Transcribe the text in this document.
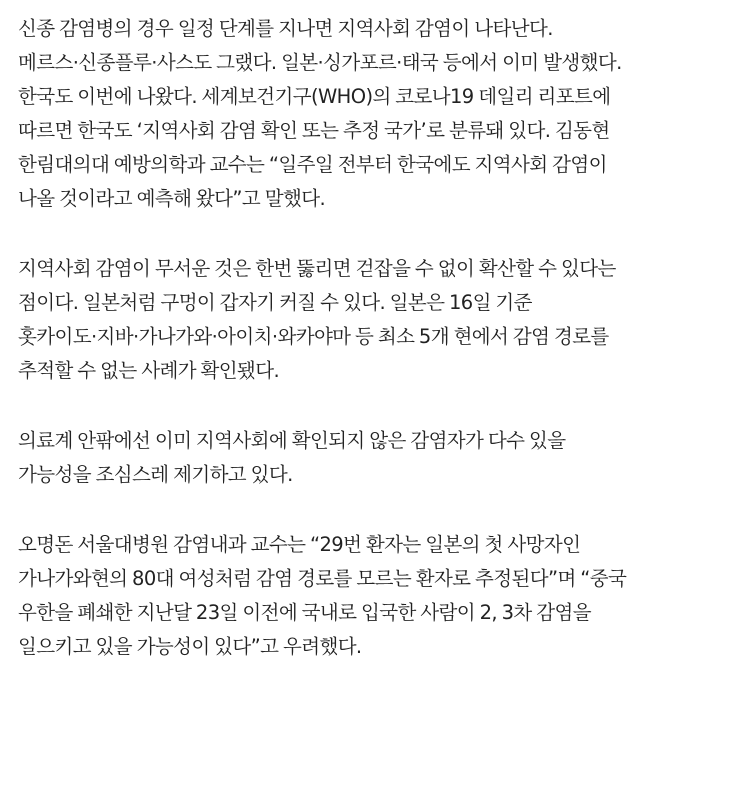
신종 감염병의 경우 일정 단계를 지나면 지역사회 감염이 나타난다.
메르스·신종플루·사스도 그랬다. 일본·싱가포르·태국 등에서 이미 발생했다.
한국도 이번에 나왔다. 세계보건기구(WHO)의 코로나19 데일리 리포트에
따르면 한국도 ‘지역사회 감염 확인 또는 추정 국가’로 분류돼 있다. 김동현
한림대의대 예방의학과 교수는 “일주일 전부터 한국에도 지역사회 감염이
나올 것이라고 예측해 왔다”고 말했다.
지역사회 감염이 무서운 것은 한번 뚫리면 걷잡을 수 없이 확산할 수 있다는
점이다. 일본처럼 구멍이 갑자기 커질 수 있다. 일본은 16일 기준
홋카이도·지바·가나가와·아이치·와카야마 등 최소 5개 현에서 감염 경로를
추적할 수 없는 사례가 확인됐다.
의료계 안팎에선 이미 지역사회에 확인되지 않은 감염자가 다수 있을
가능성을 조심스레 제기하고 있다.
오명돈 서울대병원 감염내과 교수는 “29번 환자는 일본의 첫 사망자인
가나가와현의 80대 여성처럼 감염 경로를 모르는 환자로 추정된다”며 “중국
우한을 폐쇄한 지난달 23일 이전에 국내로 입국한 사람이 2, 3차 감염을
일으키고 있을 가능성이 있다”고 우려했다.
